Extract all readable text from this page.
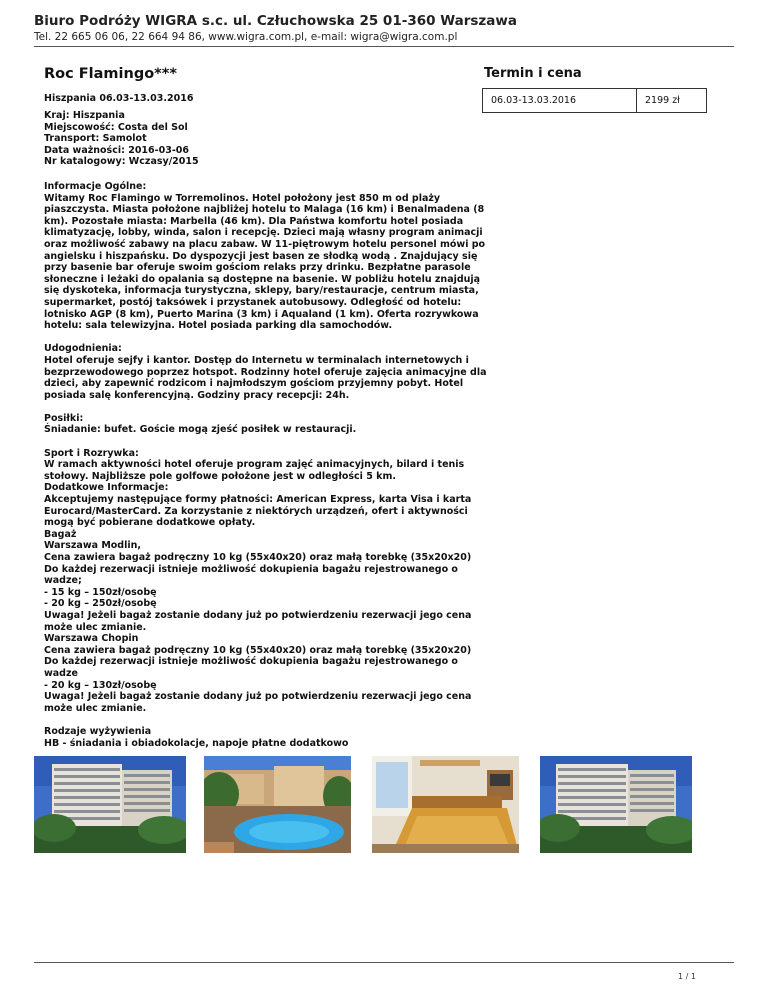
Biuro Podróży WIGRA s.c. ul. Człuchowska 25 01-360 Warszawa
Tel. 22 665 06 06, 22 664 94 86, www.wigra.com.pl, e-mail: wigra@wigra.com.pl
Roc Flamingo***
Hiszpania 06.03-13.03.2016
Kraj: Hiszpania
Miejscowość: Costa del Sol
Transport: Samolot
Data ważności: 2016-03-06
Nr katalogowy: Wczasy/2015
Informacje Ogólne:
Witamy Roc Flamingo w Torremolinos. Hotel położony jest 850 m od plaży
piaszczysta. Miasta położone najbliżej hotelu to Malaga (16 km) i Benalmadena (8
km). Pozostałe miasta: Marbella (46 km). Dla Państwa komfortu hotel posiada
klimatyzację, lobby, winda, salon i recepcję. Dzieci mają własny program animacji
oraz możliwość zabawy na placu zabaw. W 11-piętrowym hotelu personel mówi po
angielsku i hiszpańsku. Do dyspozycji jest basen ze słodką wodą . Znajdujący się
przy basenie bar oferuje swoim gościom relaks przy drinku. Bezpłatne parasole
słoneczne i leżaki do opalania są dostępne na basenie. W pobliżu hotelu znajdują
się dyskoteka, informacja turystyczna, sklepy, bary/restauracje, centrum miasta,
supermarket, postój taksówek i przystanek autobusowy. Odległość od hotelu:
lotnisko AGP (8 km), Puerto Marina (3 km) i Aqualand (1 km). Oferta rozrywkowa
hotelu: sala telewizyjna. Hotel posiada parking dla samochodów.
Udogodnienia:
Hotel oferuje sejfy i kantor. Dostęp do Internetu w terminalach internetowych i
bezprzewodowego poprzez hotspot. Rodzinny hotel oferuje zajęcia animacyjne dla
dzieci, aby zapewnić rodzicom i najmłodszym gościom przyjemny pobyt. Hotel
posiada salę konferencyjną. Godziny pracy recepcji: 24h.
Posiłki:
Śniadanie: bufet. Goście mogą zjeść posiłek w restauracji.
Sport i Rozrywka:
W ramach aktywności hotel oferuje program zajęć animacyjnych, bilard i tenis
stołowy. Najbliższe pole golfowe położone jest w odległości 5 km.
Dodatkowe Informacje:
Akceptujemy następujące formy płatności: American Express, karta Visa i karta
Eurocard/MasterCard. Za korzystanie z niektórych urządzeń, ofert i aktywności
mogą być pobierane dodatkowe opłaty.
Bagaż
Warszawa Modlin,
Cena zawiera bagaż podręczny 10 kg (55x40x20) oraz małą torebkę (35x20x20)
Do każdej rezerwacji istnieje możliwość dokupienia bagażu rejestrowanego o
wadze;
- 15 kg – 150zł/osobę
- 20 kg – 250zł/osobę
Uwaga! Jeżeli bagaż zostanie dodany już po potwierdzeniu rezerwacji jego cena
może ulec zmianie.
Warszawa Chopin
Cena zawiera bagaż podręczny 10 kg (55x40x20) oraz małą torebkę (35x20x20)
Do każdej rezerwacji istnieje możliwość dokupienia bagażu rejestrowanego o
wadze
- 20 kg – 130zł/osobę
Uwaga! Jeżeli bagaż zostanie dodany już po potwierdzeniu rezerwacji jego cena
może ulec zmianie.
Rodzaje wyżywienia
HB - śniadania i obiadokolacje, napoje płatne dodatkowo
Termin i cena
06.03-13.03.2016	2199 zł
1 / 1
